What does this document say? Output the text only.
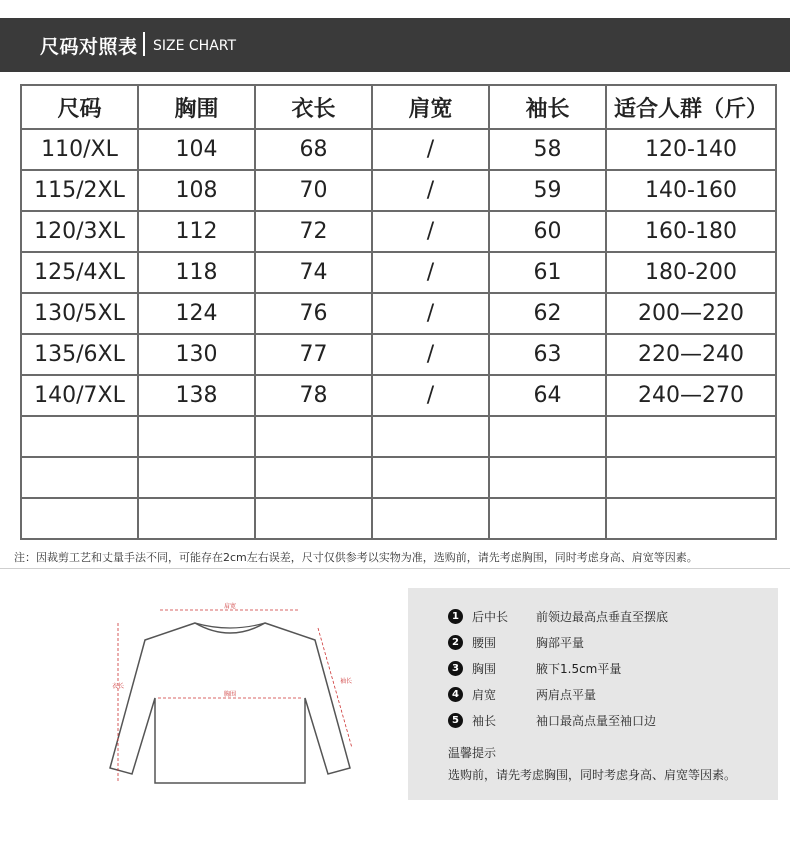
尺码对照表 SIZE CHART
尺码	胸围	衣长	肩宽	袖长	适合人群（斤）
110/XL	104	68	/	58	120-140
115/2XL	108	70	/	59	140-160
120/3XL	112	72	/	60	160-180
125/4XL	118	74	/	61	180-200
130/5XL	124	76	/	62	200—220
135/6XL	130	77	/	63	220—240
140/7XL	138	78	/	64	240—270

注：因裁剪工艺和丈量手法不同，可能存在2cm左右误差，尺寸仅供参考以实物为准，选购前，请先考虑胸围，同时考虑身高、肩宽等因素。
肩宽
胸围
衣长
袖长
1	后中长 前领边最高点垂直至摆底
2	腰围	胸部平量
3	胸围	腋下1.5cm平量
4	肩宽	两肩点平量
5	袖长	袖口最高点量至袖口边
温馨提示
选购前，请先考虑胸围，同时考虑身高、肩宽等因素。
